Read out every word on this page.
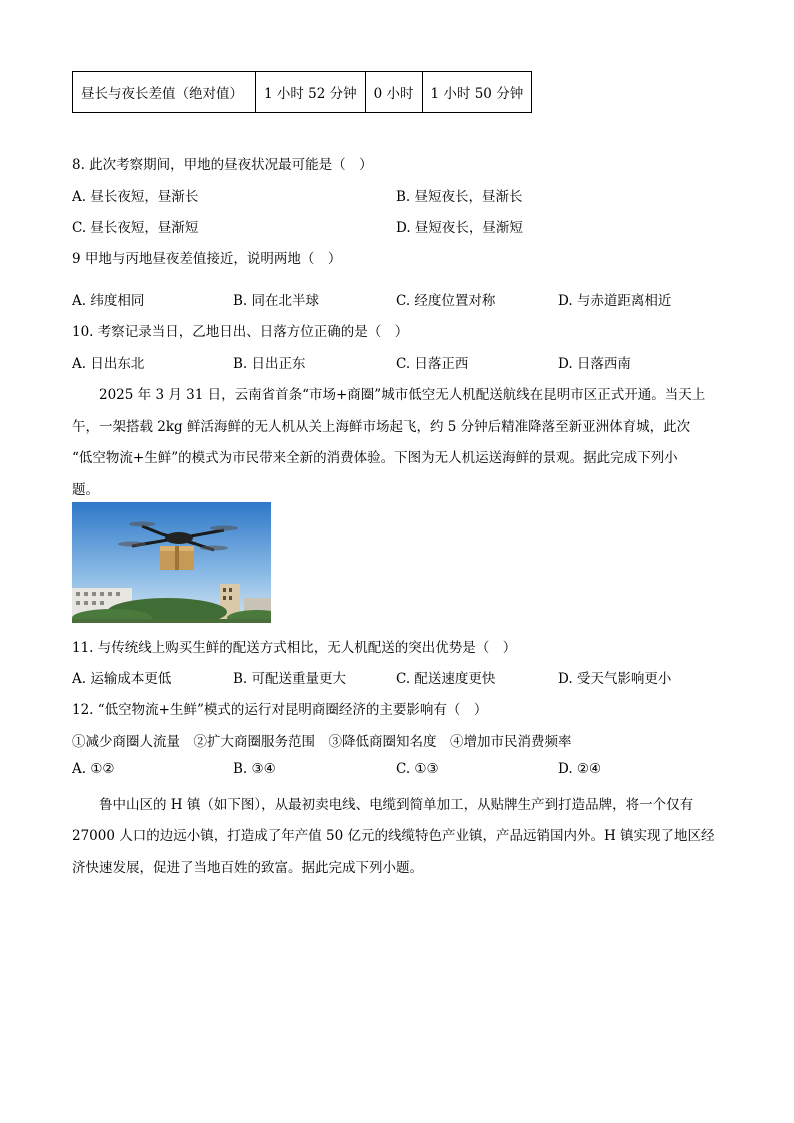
昼长与夜长差值（绝对值）	1 小时 52 分钟	0 小时	1 小时 50 分钟
8. 此次考察期间，甲地的昼夜状况最可能是（　）
A. 昼长夜短，昼渐长	B. 昼短夜长，昼渐长
C. 昼长夜短，昼渐短	D. 昼短夜长，昼渐短
9 甲地与丙地昼夜差值接近，说明两地（　）
A. 纬度相同	B. 同在北半球	C. 经度位置对称	D. 与赤道距离相近
10. 考察记录当日，乙地日出、日落方位正确的是（　）
A. 日出东北	B. 日出正东	C. 日落正西	D. 日落西南
2025 年 3 月 31 日，云南省首条“市场+商圈”城市低空无人机配送航线在昆明市区正式开通。当天上
午，一架搭载 2kg 鲜活海鲜的无人机从关上海鲜市场起飞，约 5 分钟后精准降落至新亚洲体育城，此次
“低空物流+生鲜”的模式为市民带来全新的消费体验。下图为无人机运送海鲜的景观。据此完成下列小
题。
11. 与传统线上购买生鲜的配送方式相比，无人机配送的突出优势是（　）
A. 运输成本更低	B. 可配送重量更大	C. 配送速度更快	D. 受天气影响更小
12. “低空物流+生鲜”模式的运行对昆明商圈经济的主要影响有（　）
①减少商圈人流量　②扩大商圈服务范围　③降低商圈知名度　④增加市民消费频率
A. ①②	B. ③④	C. ①③	D. ②④
鲁中山区的 H 镇（如下图），从最初卖电线、电缆到简单加工，从贴牌生产到打造品牌，将一个仅有
27000 人口的边远小镇，打造成了年产值 50 亿元的线缆特色产业镇，产品远销国内外。H 镇实现了地区经
济快速发展，促进了当地百姓的致富。据此完成下列小题。
